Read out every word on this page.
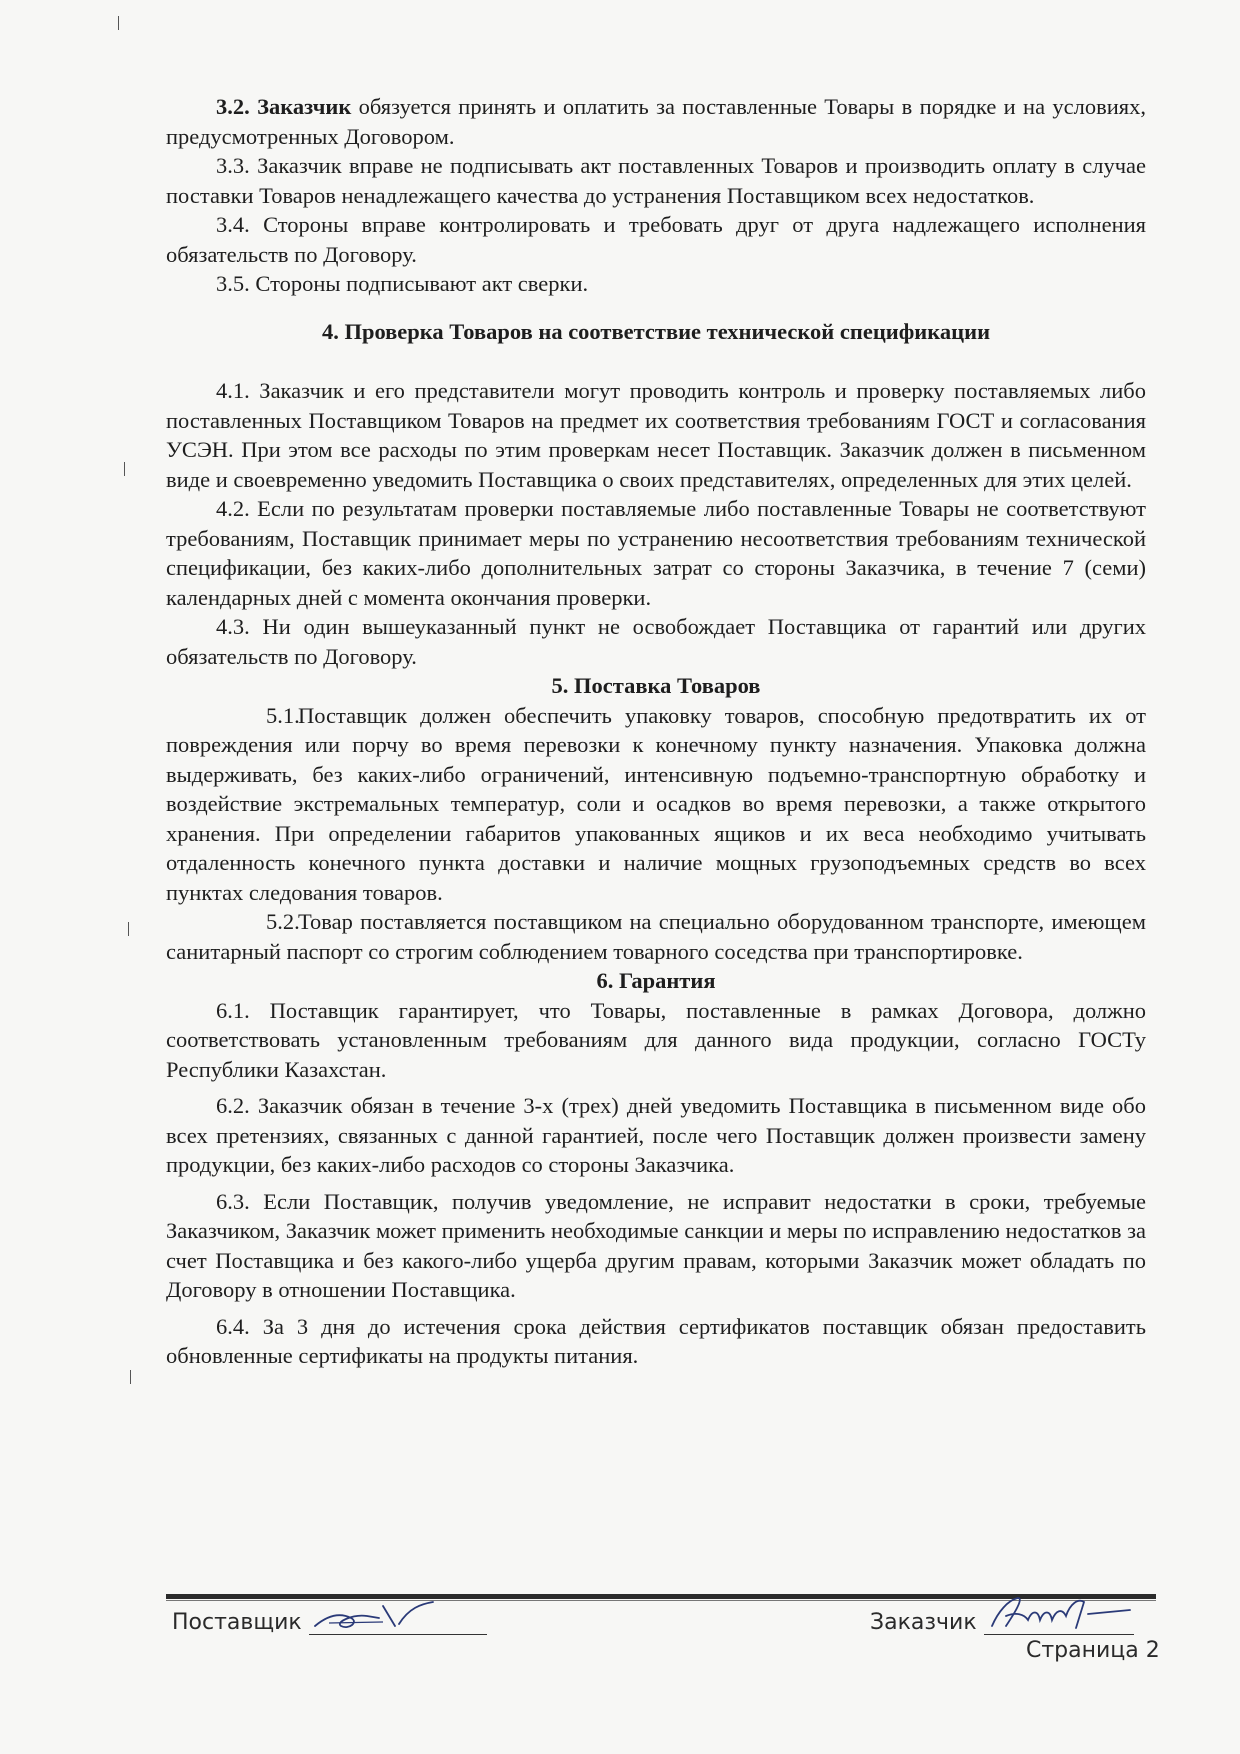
3.2. Заказчик обязуется принять и оплатить за поставленные Товары в порядке и на условиях, предусмотренных Договором.

3.3. Заказчик вправе не подписывать акт поставленных Товаров и производить оплату в случае поставки Товаров ненадлежащего качества до устранения Поставщиком всех недостатков.

3.4. Стороны вправе контролировать и требовать друг от друга надлежащего исполнения обязательств по Договору.

3.5. Стороны подписывают акт сверки.

4. Проверка Товаров на соответствие технической спецификации

4.1. Заказчик и его представители могут проводить контроль и проверку поставляемых либо поставленных Поставщиком Товаров на предмет их соответствия требованиям ГОСТ и согласования УСЭН. При этом все расходы по этим проверкам несет Поставщик. Заказчик должен в письменном виде и своевременно уведомить Поставщика о своих представителях, определенных для этих целей.

4.2. Если по результатам проверки поставляемые либо поставленные Товары не соответствуют требованиям, Поставщик принимает меры по устранению несоответствия требованиям технической спецификации, без каких-либо дополнительных затрат со стороны Заказчика, в течение 7 (семи) календарных дней с момента окончания проверки.

4.3. Ни один вышеуказанный пункт не освобождает Поставщика от гарантий или других обязательств по Договору.

5. Поставка Товаров

5.1.Поставщик должен обеспечить упаковку товаров, способную предотвратить их от повреждения или порчу во время перевозки к конечному пункту назначения. Упаковка должна выдерживать, без каких-либо ограничений, интенсивную подъемно-транспортную обработку и воздействие экстремальных температур, соли и осадков во время перевозки, а также открытого хранения. При определении габаритов упакованных ящиков и их веса необходимо учитывать отдаленность конечного пункта доставки и наличие мощных грузоподъемных средств во всех пунктах следования товаров.

5.2.Товар поставляется поставщиком на специально оборудованном транспорте, имеющем санитарный паспорт со строгим соблюдением товарного соседства при транспортировке.

6. Гарантия

6.1. Поставщик гарантирует, что Товары, поставленные в рамках Договора, должно соответствовать установленным требованиям для данного вида продукции, согласно ГОСТу Республики Казахстан.

6.2. Заказчик обязан в течение 3-х (трех) дней уведомить Поставщика в письменном виде обо всех претензиях, связанных с данной гарантией, после чего Поставщик должен произвести замену продукции, без каких-либо расходов со стороны Заказчика.

6.3. Если Поставщик, получив уведомление, не исправит недостатки в сроки, требуемые Заказчиком, Заказчик может применить необходимые санкции и меры по исправлению недостатков за счет Поставщика и без какого-либо ущерба другим правам, которыми Заказчик может обладать по Договору в отношении Поставщика.

6.4. За 3 дня до истечения срока действия сертификатов поставщик обязан предоставить обновленные сертификаты на продукты питания.

Поставщик	Заказчик
Страница 2
